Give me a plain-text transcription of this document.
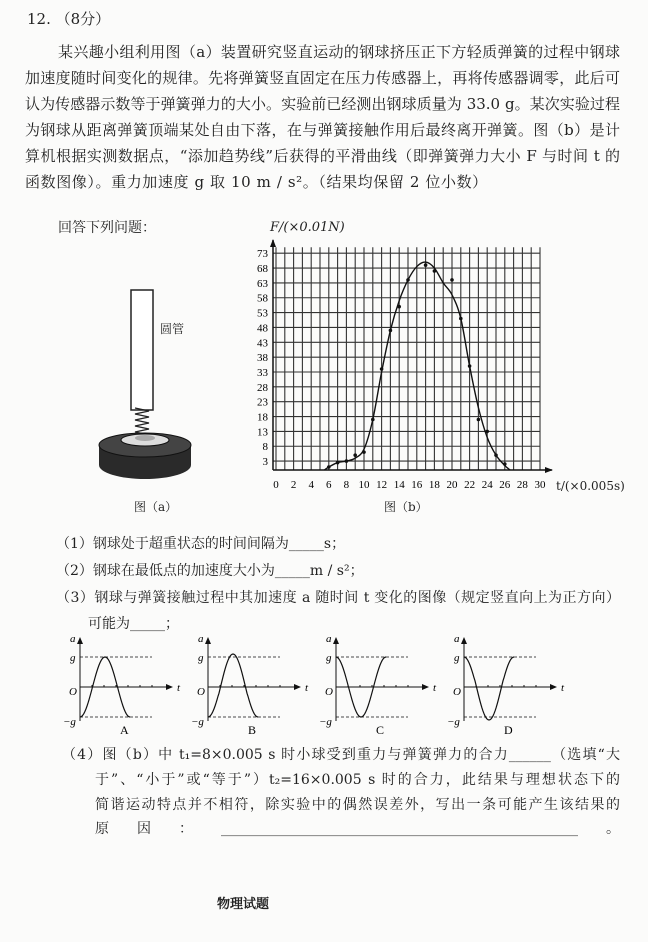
12. （8分）
某兴趣小组利用图（a）装置研究竖直运动的钢球挤压正下方轻质弹簧的过程中钢球
加速度随时间变化的规律。先将弹簧竖直固定在压力传感器上，再将传感器调零，此后可
认为传感器示数等于弹簧弹力的大小。实验前已经测出钢球质量为 33.0 g。某次实验过程
为钢球从距离弹簧顶端某处自由下落，在与弹簧接触作用后最终离开弹簧。图（b）是计
算机根据实测数据点，“添加趋势线”后获得的平滑曲线（即弹簧弹力大小 F 与时间 t 的
函数图像）。重力加速度 g 取 10 m / s²。（结果均保留 2 位小数）
回答下列问题：
圆管
图（a）
3
8
13
18
23
28
33
38
43
48
53
58
63
68
73
0 2 4 6 8 10 12 14 16 18 20 22 24 26 28 30
F/(×0.01N)
t/(×0.005s)
图（b）
（1）钢球处于超重状态的时间间隔为_____s；
（2）钢球在最低点的加速度大小为_____m / s²；
（3）钢球与弹簧接触过程中其加速度 a 随时间 t 变化的图像（规定竖直向上为正方向）
可能为_____；
a
g
O
−g
t
A
a
g
O
−g
t
B
a
g
O
−g
t
C
a
g
O
−g
t
D
（4）图（b）中 t₁=8×0.005 s 时小球受到重力与弹簧弹力的合力______（选填“大
于”、“小于”或“等于”）t₂=16×0.005 s 时的合力，此结果与理想状态下的
简谐运动特点并不相符，除实验中的偶然误差外，写出一条可能产生该结果的
原因：___________________________________________________。
物理试题
